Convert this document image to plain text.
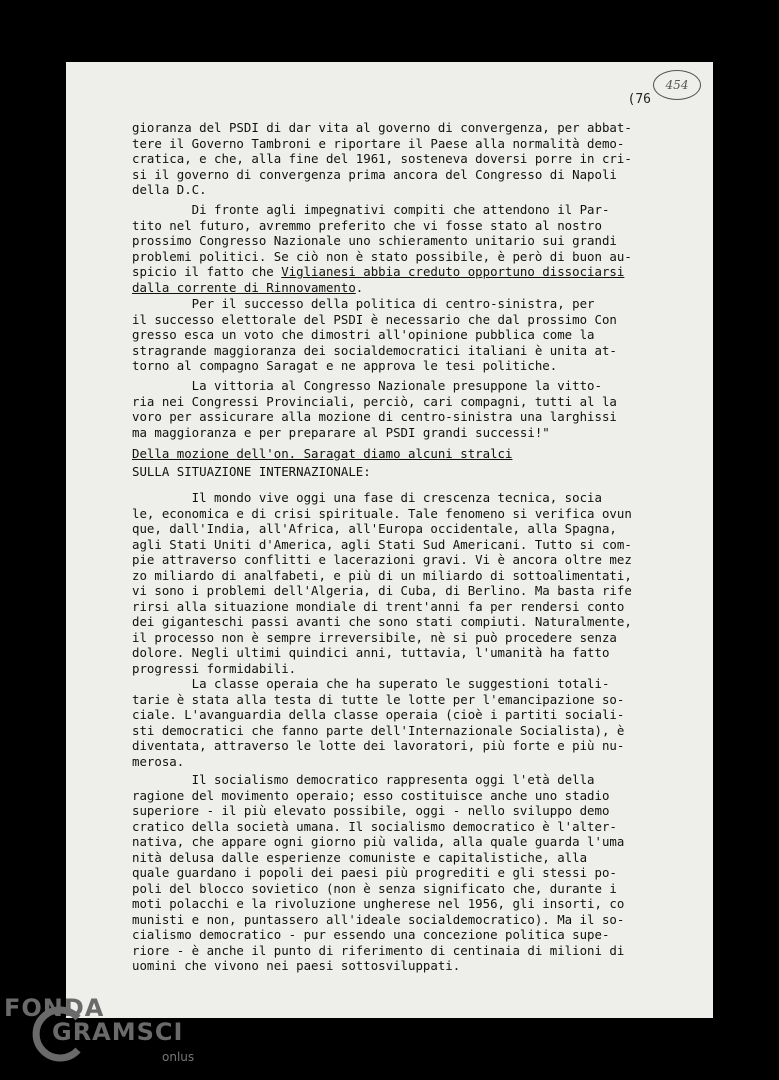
454
(76

gioranza del PSDI di dar vita al governo di convergenza, per abbat-
tere il Governo Tambroni e riportare il Paese alla normalità demo-
cratica, e che, alla fine del 1961, sosteneva doversi porre in cri-
si il governo di convergenza prima ancora del Congresso di Napoli
della D.C.

Di fronte agli impegnativi compiti che attendono il Par-
tito nel futuro, avremmo preferito che vi fosse stato al nostro
prossimo Congresso Nazionale uno schieramento unitario sui grandi
problemi politici. Se ciò non è stato possibile, è però di buon au-
spicio il fatto che Viglianesi abbia creduto opportuno dissociarsi
dalla corrente di Rinnovamento.

Per il successo della politica di centro-sinistra, per
il successo elettorale del PSDI è necessario che dal prossimo Con
gresso esca un voto che dimostri all'opinione pubblica come la
stragrande maggioranza dei socialdemocratici italiani è unita at-
torno al compagno Saragat e ne approva le tesi politiche.

La vittoria al Congresso Nazionale presuppone la vitto-
ria nei Congressi Provinciali, perciò, cari compagni, tutti al la
voro per assicurare alla mozione di centro-sinistra una larghissi
ma maggioranza e per preparare al PSDI grandi successi!"

Della mozione dell'on. Saragat diamo alcuni stralci

SULLA SITUAZIONE INTERNAZIONALE:

Il mondo vive oggi una fase di crescenza tecnica, socia
le, economica e di crisi spirituale. Tale fenomeno si verifica ovun
que, dall'India, all'Africa, all'Europa occidentale, alla Spagna,
agli Stati Uniti d'America, agli Stati Sud Americani. Tutto si com-
pie attraverso conflitti e lacerazioni gravi. Vi è ancora oltre mez
zo miliardo di analfabeti, e più di un miliardo di sottoalimentati,
vi sono i problemi dell'Algeria, di Cuba, di Berlino. Ma basta rife
rirsi alla situazione mondiale di trent'anni fa per rendersi conto
dei giganteschi passi avanti che sono stati compiuti. Naturalmente,
il processo non è sempre irreversibile, nè si può procedere senza
dolore. Negli ultimi quindici anni, tuttavia, l'umanità ha fatto
progressi formidabili.

La classe operaia che ha superato le suggestioni totali-
tarie è stata alla testa di tutte le lotte per l'emancipazione so-
ciale. L'avanguardia della classe operaia (cioè i partiti sociali-
sti democratici che fanno parte dell'Internazionale Socialista), è
diventata, attraverso le lotte dei lavoratori, più forte e più nu-
merosa.

Il socialismo democratico rappresenta oggi l'età della
ragione del movimento operaio; esso costituisce anche uno stadio
superiore - il più elevato possibile, oggi - nello sviluppo demo
cratico della società umana. Il socialismo democratico è l'alter-
nativa, che appare ogni giorno più valida, alla quale guarda l'uma
nità delusa dalle esperienze comuniste e capitalistiche, alla
quale guardano i popoli dei paesi più progrediti e gli stessi po-
poli del blocco sovietico (non è senza significato che, durante i
moti polacchi e la rivoluzione ungherese nel 1956, gli insorti, co
munisti e non, puntassero all'ideale socialdemocratico). Ma il so-
cialismo democratico - pur essendo una concezione politica supe-
riore - è anche il punto di riferimento di centinaia di milioni di
uomini che vivono nei paesi sottosviluppati.

FONDA
GRAMSCI
onlus
